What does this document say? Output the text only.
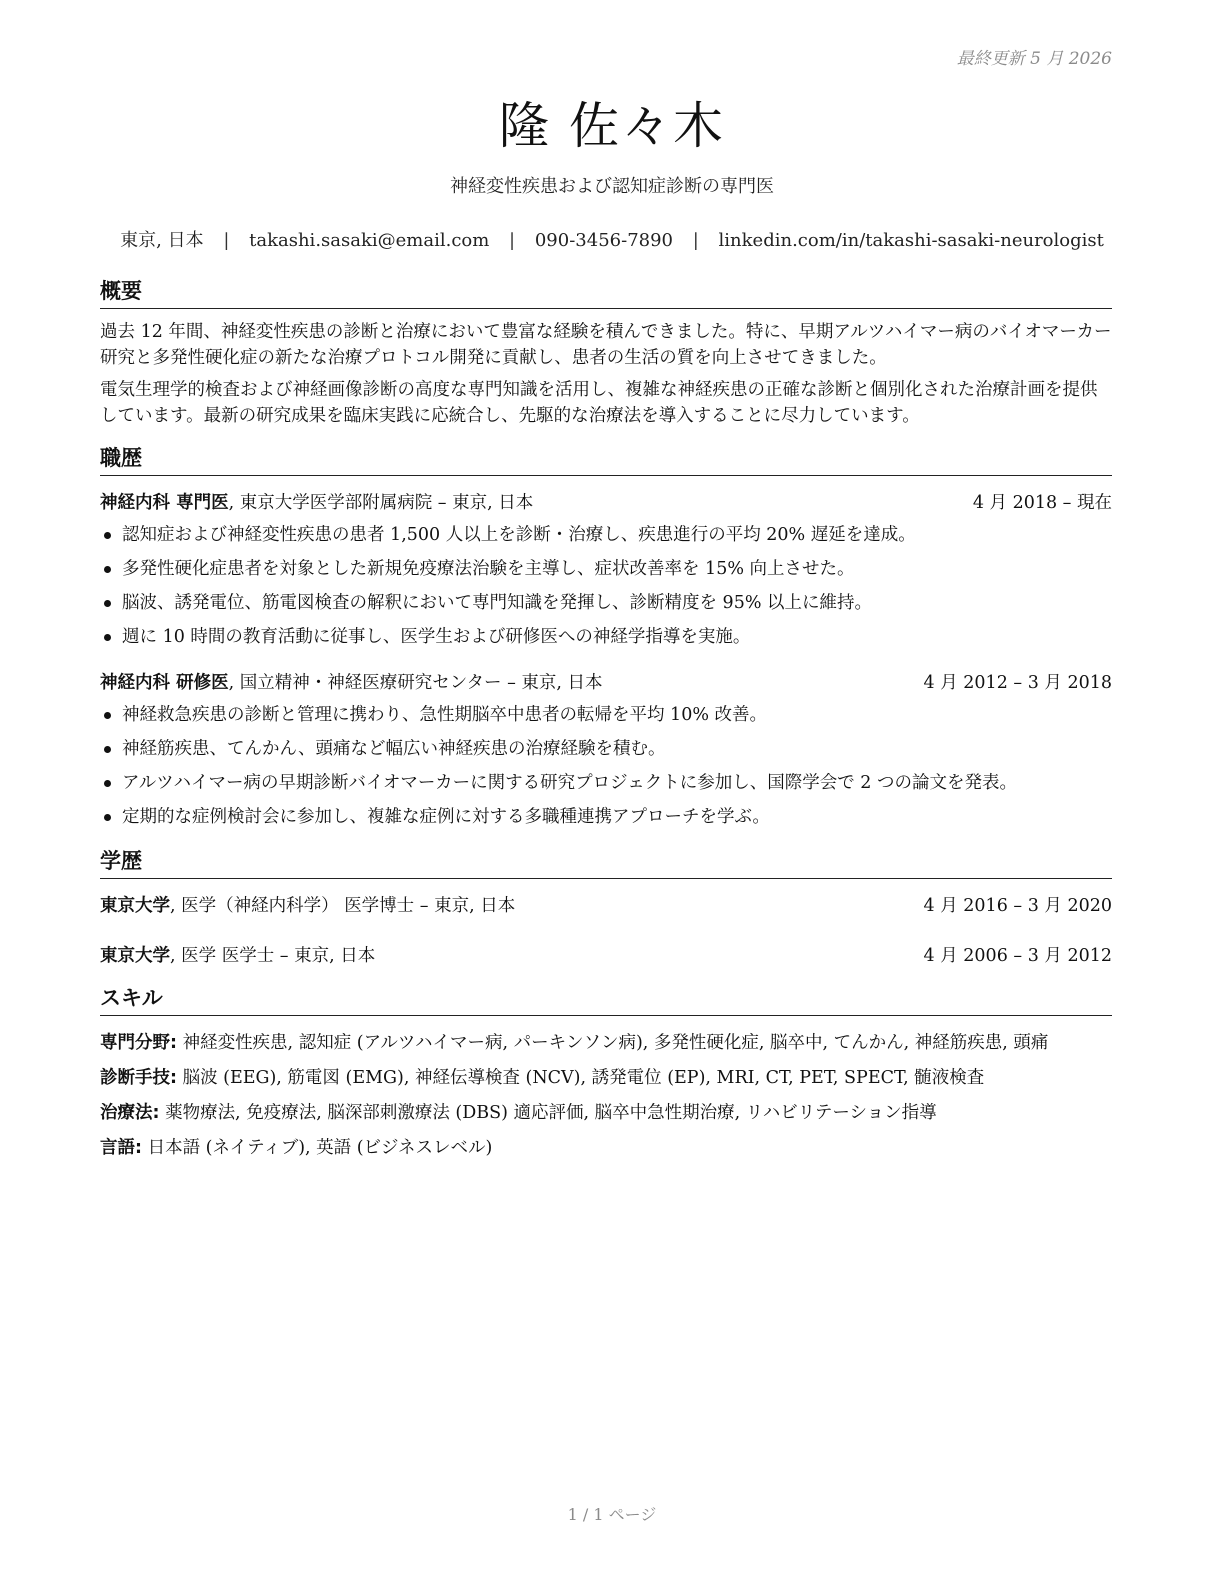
最終更新 5 月 2026
隆 佐々木
神経変性疾患および認知症診断の専門医
東京, 日本 | takashi.sasaki@email.com | 090-3456-7890 | linkedin.com/in/takashi-sasaki-neurologist
概要

過去 12 年間、神経変性疾患の診断と治療において豊富な経験を積んできました。特に、早期アルツハイマー病のバイオマーカー研究と多発性硬化症の新たな治療プロトコル開発に貢献し、患者の生活の質を向上させてきました。

電気生理学的検査および神経画像診断の高度な専門知識を活用し、複雑な神経疾患の正確な診断と個別化された治療計画を提供しています。最新の研究成果を臨床実践に応統合し、先駆的な治療法を導入することに尽力しています。

職歴
神経内科 専門医, 東京大学医学部附属病院 – 東京, 日本	4 月 2018 – 現在
認知症および神経変性疾患の患者 1,500 人以上を診断・治療し、疾患進行の平均 20% 遅延を達成。
多発性硬化症患者を対象とした新規免疫療法治験を主導し、症状改善率を 15% 向上させた。
脳波、誘発電位、筋電図検査の解釈において専門知識を発揮し、診断精度を 95% 以上に維持。
週に 10 時間の教育活動に従事し、医学生および研修医への神経学指導を実施。
神経内科 研修医, 国立精神・神経医療研究センター – 東京, 日本	4 月 2012 – 3 月 2018
神経救急疾患の診断と管理に携わり、急性期脳卒中患者の転帰を平均 10% 改善。
神経筋疾患、てんかん、頭痛など幅広い神経疾患の治療経験を積む。
アルツハイマー病の早期診断バイオマーカーに関する研究プロジェクトに参加し、国際学会で 2 つの論文を発表。
定期的な症例検討会に参加し、複雑な症例に対する多職種連携アプローチを学ぶ。
学歴
東京大学, 医学（神経内科学） 医学博士 – 東京, 日本	4 月 2016 – 3 月 2020
東京大学, 医学 医学士 – 東京, 日本	4 月 2006 – 3 月 2012
スキル
専門分野: 神経変性疾患, 認知症 (アルツハイマー病, パーキンソン病), 多発性硬化症, 脳卒中, てんかん, 神経筋疾患, 頭痛
診断手技: 脳波 (EEG), 筋電図 (EMG), 神経伝導検査 (NCV), 誘発電位 (EP), MRI, CT, PET, SPECT, 髄液検査
治療法: 薬物療法, 免疫療法, 脳深部刺激療法 (DBS) 適応評価, 脳卒中急性期治療, リハビリテーション指導
言語: 日本語 (ネイティブ), 英語 (ビジネスレベル)
1 / 1 ページ
